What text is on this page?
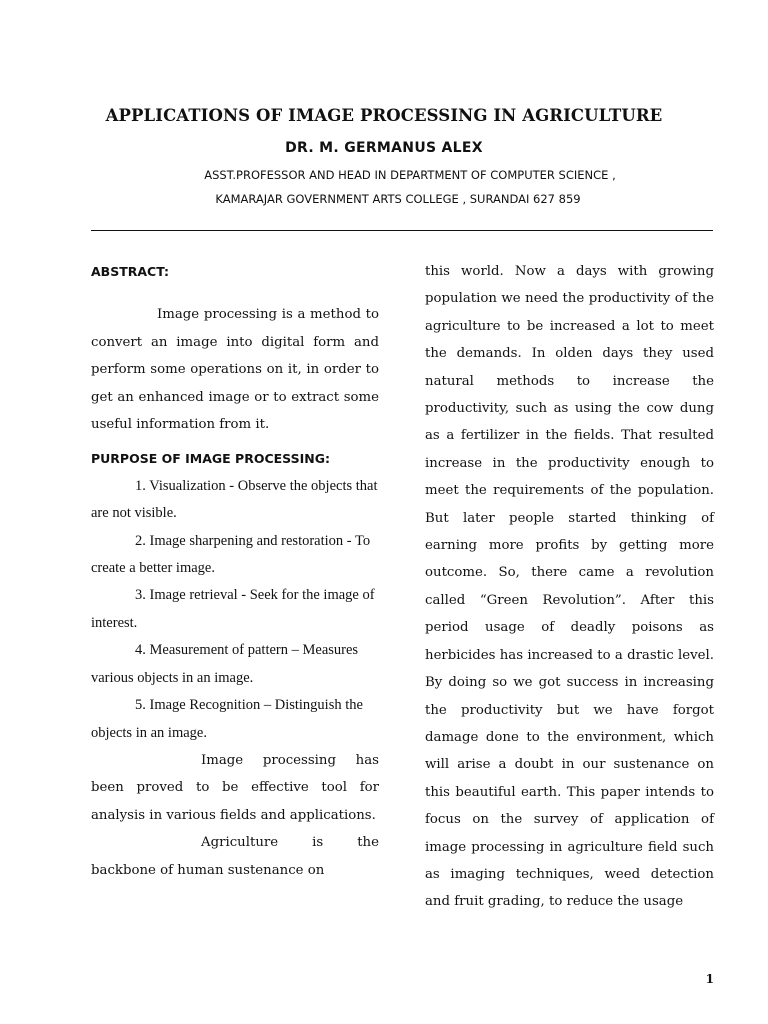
APPLICATIONS OF IMAGE PROCESSING IN AGRICULTURE
DR. M. GERMANUS ALEX
ASST.PROFESSOR AND HEAD IN DEPARTMENT OF COMPUTER SCIENCE ,
KAMARAJAR GOVERNMENT ARTS COLLEGE , SURANDAI 627 859

ABSTRACT:

Image processing is a method to convert an image into digital form and perform some operations on it, in order to get an enhanced image or to extract some useful information from it.

PURPOSE OF IMAGE PROCESSING:

1. Visualization - Observe the objects that are not visible.

2. Image sharpening and restoration - To create a better image.

3. Image retrieval - Seek for the image of interest.

4. Measurement of pattern – Measures various objects in an image.

5. Image Recognition – Distinguish the objects in an image.

Image processing has been proved to be effective tool for analysis in various fields and applications.

Agriculture is the backbone of human sustenance on

this world. Now a days with growing population we need the productivity of the agriculture to be increased a lot to meet the demands. In olden days they used natural methods to increase the productivity, such as using the cow dung as a fertilizer in the fields. That resulted increase in the productivity enough to meet the requirements of the population. But later people started thinking of earning more profits by getting more outcome. So, there came a revolution called “Green Revolution”. After this period usage of deadly poisons as herbicides has increased to a drastic level. By doing so we got success in increasing the productivity but we have forgot damage done to the environment, which will arise a doubt in our sustenance on this beautiful earth. This paper intends to focus on the survey of application of image processing in agriculture field such as imaging techniques, weed detection and fruit grading, to reduce the usage

1
